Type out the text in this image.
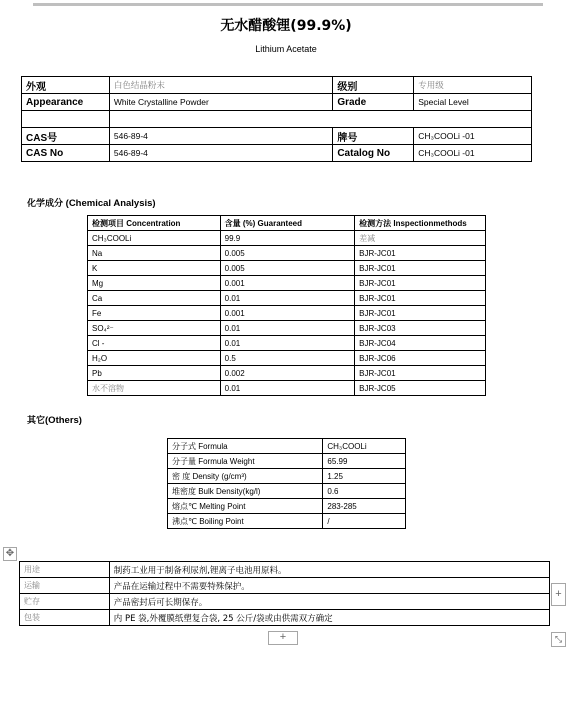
无水醋酸锂(99.9%)
Lithium Acetate
外观	白色结晶粉末	级别	专用级
Appearance	White Crystalline Powder	Grade	Special Level

CAS号	546-89-4	牌号	CH₃COOLi -01
CAS No	546-89-4	Catalog No	CH₃COOLi -01
化学成分 (Chemical Analysis)
检测项目 Concentration	含量 (%) Guaranteed	检测方法 Inspectionmethods
CH₃COOLi	99.9	差减
Na	0.005	BJR-JC01
K	0.005	BJR-JC01
Mg	0.001	BJR-JC01
Ca	0.01	BJR-JC01
Fe	0.001	BJR-JC01
SO₄²⁻	0.01	BJR-JC03
Cl -	0.01	BJR-JC04
H₂O	0.5	BJR-JC06
Pb	0.002	BJR-JC01
水不溶物	0.01	BJR-JC05
其它(Others)
分子式 Formula	CH₃COOLi
分子量 Formula Weight	65.99
密 度 Density (g/cm³)	1.25
堆密度 Bulk Density(kg/l)	0.6
熔点℃ Melting Point	283-285
沸点℃ Boiling Point	/
✥
用途	制药工业用于制备利尿剂,锂离子电池用原料。
运输	产品在运输过程中不需要特殊保护。
贮存	产品密封后可长期保存。
包装	内 PE 袋,外覆膜纸塑复合袋, 25 公斤/袋或由供需双方确定
+
+	⤡
